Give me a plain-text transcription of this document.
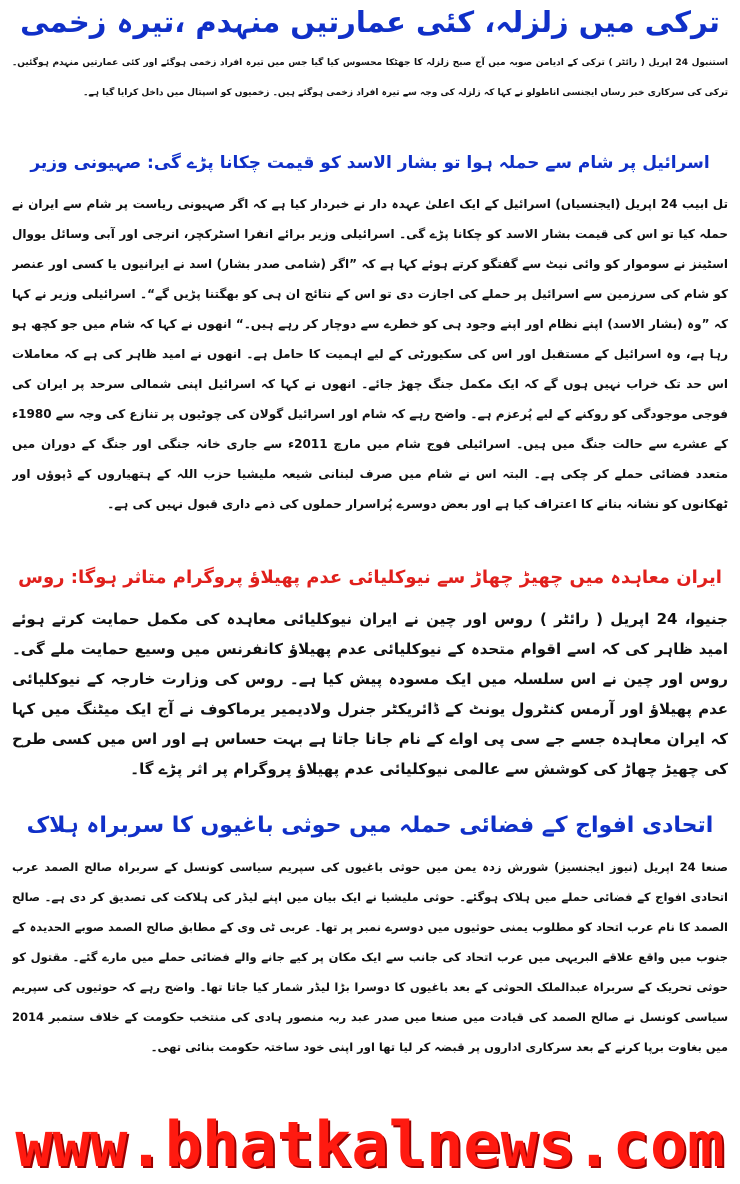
ترکی میں زلزلہ، کئی عمارتیں منہدم ،تیرہ زخمی

استنبول 24 اپریل ( رائٹر ) ترکی کے ادیامن صوبہ میں آج صبح زلزلہ کا جھٹکا محسوس کیا گیا جس میں تیرہ افراد زخمی ہوگئے اور کئی عمارتیں منہدم ہوگئیں۔ ترکی کی سرکاری خبر رساں ایجنسی اناطولو نے کہا کہ زلزلہ کی وجہ سے تیرہ افراد زخمی ہوگئے ہیں۔ زخمیوں کو اسپتال میں داخل کرایا گیا ہے۔

اسرائیل پر شام سے حملہ ہوا تو بشار الاسد کو قیمت چکانا پڑے گی: صہیونی وزیر

تل ابیب 24 اپریل (ایجنسیاں) اسرائیل کے ایک اعلیٰ عہدہ دار نے خبردار کیا ہے کہ اگر صہیونی ریاست پر شام سے ایران نے حملہ کیا تو اس کی قیمت بشار الاسد کو چکانا پڑے گی۔ اسرائیلی وزیر برائے انفرا اسٹرکچر، انرجی اور آبی وسائل یووال اسٹینز نے سوموار کو وائی نیٹ سے گفتگو کرتے ہوئے کہا ہے کہ ”اگر (شامی صدر بشار) اسد نے ایرانیوں یا کسی اور عنصر کو شام کی سرزمین سے اسرائیل پر حملے کی اجازت دی تو اس کے نتائج ان ہی کو بھگتنا پڑیں گے“۔ اسرائیلی وزیر نے کہا کہ ”وہ (بشار الاسد) اپنے نظام اور اپنے وجود ہی کو خطرے سے دوچار کر رہے ہیں۔“ انھوں نے کہا کہ شام میں جو کچھ ہو رہا ہے، وہ اسرائیل کے مستقبل اور اس کی سکیورٹی کے لیے اہمیت کا حامل ہے۔ انھوں نے امید ظاہر کی ہے کہ معاملات اس حد تک خراب نہیں ہوں گے کہ ایک مکمل جنگ چھڑ جائے۔ انھوں نے کہا کہ اسرائیل اپنی شمالی سرحد پر ایران کی فوجی موجودگی کو روکنے کے لیے پُرعزم ہے۔ واضح رہے کہ شام اور اسرائیل گولان کی چوٹیوں پر تنازع کی وجہ سے 1980ء کے عشرے سے حالت جنگ میں ہیں۔ اسرائیلی فوج شام میں مارچ 2011ء سے جاری خانہ جنگی اور جنگ کے دوران میں متعدد فضائی حملے کر چکی ہے۔ البتہ اس نے شام میں صرف لبنانی شیعہ ملیشیا حزب اللہ کے ہتھیاروں کے ڈپوؤں اور ٹھکانوں کو نشانہ بنانے کا اعتراف کیا ہے اور بعض دوسرے پُراسرار حملوں کی ذمے داری قبول نہیں کی ہے۔

ایران معاہدہ میں چھیڑ چھاڑ سے نیوکلیائی عدم پھیلاؤ پروگرام متاثر ہوگا: روس

جنیوا، 24 اپریل ( رائٹر ) روس اور چین نے ایران نیوکلیائی معاہدہ کی مکمل حمایت کرتے ہوئے امید ظاہر کی کہ اسے اقوام متحدہ کے نیوکلیائی عدم پھیلاؤ کانفرنس میں وسیع حمایت ملے گی۔ روس اور چین نے اس سلسلہ میں ایک مسودہ پیش کیا ہے۔ روس کی وزارت خارجہ کے نیوکلیائی عدم پھیلاؤ اور آرمس کنٹرول یونٹ کے ڈائریکٹر جنرل ولادیمیر یرماکوف نے آج ایک میٹنگ میں کہا کہ ایران معاہدہ جسے جے سی پی اواے کے نام جانا جاتا ہے بہت حساس ہے اور اس میں کسی طرح کی چھیڑ چھاڑ کی کوشش سے عالمی نیوکلیائی عدم پھیلاؤ پروگرام پر اثر پڑے گا۔

اتحادی افواج کے فضائی حملہ میں حوثی باغیوں کا سربراہ ہلاک

صنعا 24 اپریل (نیوز ایجنسیز) شورش زدہ یمن میں حوثی باغیوں کی سپریم سیاسی کونسل کے سربراہ صالح الصمد عرب اتحادی افواج کے فضائی حملے میں ہلاک ہوگئے۔ حوثی ملیشیا نے ایک بیان میں اپنے لیڈر کی ہلاکت کی تصدیق کر دی ہے۔ صالح الصمد کا نام عرب اتحاد کو مطلوب یمنی حوثیوں میں دوسرے نمبر پر تھا۔ عربی ٹی وی کے مطابق صالح الصمد صوبے الحدیدہ کے جنوب میں واقع علاقے البریہی میں عرب اتحاد کی جانب سے ایک مکان پر کیے جانے والے فضائی حملے میں مارے گئے۔ مقتول کو حوثی تحریک کے سربراہ عبدالملک الحوثی کے بعد باغیوں کا دوسرا بڑا لیڈر شمار کیا جاتا تھا۔ واضح رہے کہ حوثیوں کی سپریم سیاسی کونسل نے صالح الصمد کی قیادت میں صنعا میں صدر عبد ربہ منصور ہادی کی منتخب حکومت کے خلاف ستمبر 2014 میں بغاوت برپا کرنے کے بعد سرکاری اداروں پر قبضہ کر لیا تھا اور اپنی خود ساختہ حکومت بنائی تھی۔

www.bhatkalnews.com
